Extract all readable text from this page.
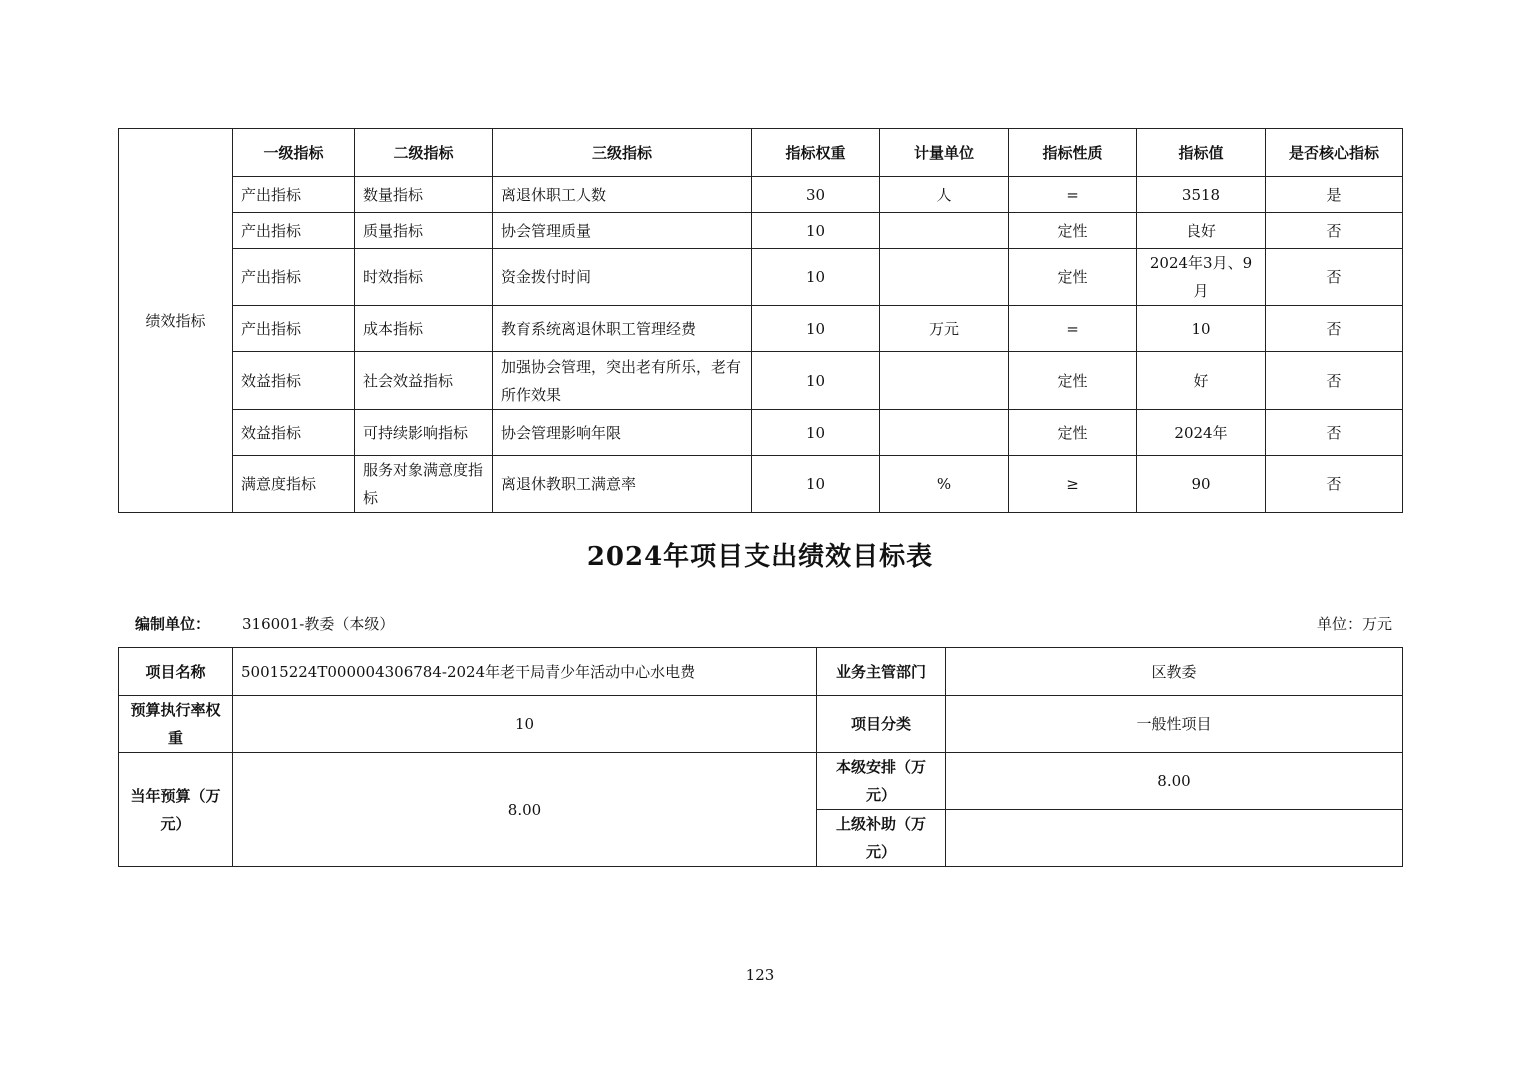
绩效指标	一级指标	二级指标	三级指标	指标权重	计量单位	指标性质	指标值	是否核心指标
	产出指标	数量指标	离退休职工人数	30	人	=	3518	是
	产出指标	质量指标	协会管理质量	10		定性	良好	否
	产出指标	时效指标	资金拨付时间	10		定性	2024年3月、9月	否
	产出指标	成本指标	教育系统离退休职工管理经费	10	万元	=	10	否
	效益指标	社会效益指标	加强协会管理，突出老有所乐，老有所作效果	10		定性	好	否
	效益指标	可持续影响指标	协会管理影响年限	10		定性	2024年	否
	满意度指标	服务对象满意度指标	离退休教职工满意率	10	%	≥	90	否
2024年项目支出绩效目标表
编制单位： 316001-教委（本级）	单位：万元
项目名称	50015224T000004306784-2024年老干局青少年活动中心水电费	业务主管部门	区教委
预算执行率权重	10	项目分类	一般性项目
当年预算（万元）	8.00	本级安排（万元）	8.00
		上级补助（万元）	
123
